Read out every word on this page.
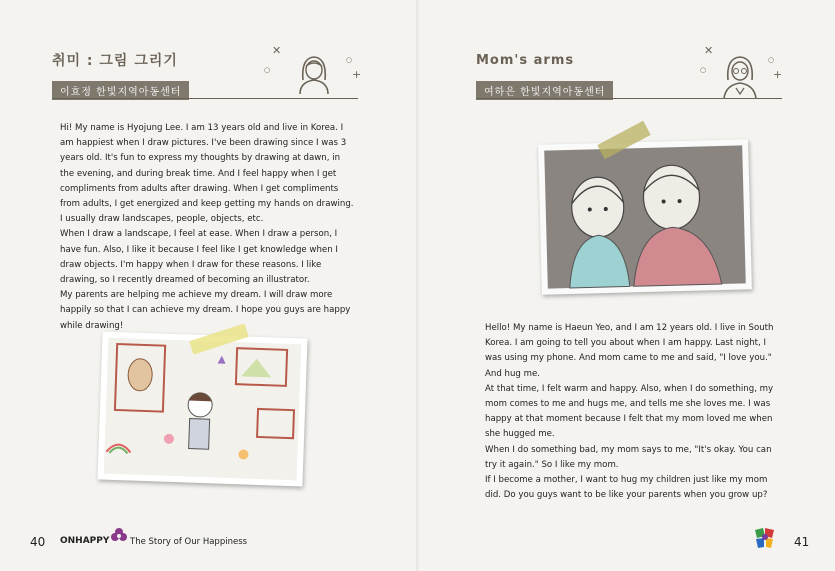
취미 : 그림 그리기
이효정 한빛지역아동센터
✕
+
○
○

Hi! My name is Hyojung Lee. I am 13 years old and live in Korea. I am happiest when I draw pictures. I've been drawing since I was 3 years old. It's fun to express my thoughts by drawing at dawn, in the evening, and during break time. And I feel happy when I get compliments from adults after drawing. When I get compliments from adults, I get energized and keep getting my hands on drawing. I usually draw landscapes, people, objects, etc.

When I draw a landscape, I feel at ease. When I draw a person, I have fun. Also, I like it because I feel like I get knowledge when I draw objects. I'm happy when I draw for these reasons. I like drawing, so I recently dreamed of becoming an illustrator.

My parents are helping me achieve my dream. I will draw more happily so that I can achieve my dream. I hope you guys are happy while drawing!

40 ONHAPPY The Story of Our Happiness
Mom's arms
여하은 한빛지역아동센터
✕
+
○
○

Hello! My name is Haeun Yeo, and I am 12 years old. I live in South Korea. I am going to tell you about when I am happy. Last night, I was using my phone. And mom came to me and said, "I love you." And hug me.

At that time, I felt warm and happy. Also, when I do something, my mom comes to me and hugs me, and tells me she loves me. I was happy at that moment because I felt that my mom loved me when she hugged me.

When I do something bad, my mom says to me, "It's okay. You can try it again." So I like my mom.

If I become a mother, I want to hug my children just like my mom did. Do you guys want to be like your parents when you grow up?

41
